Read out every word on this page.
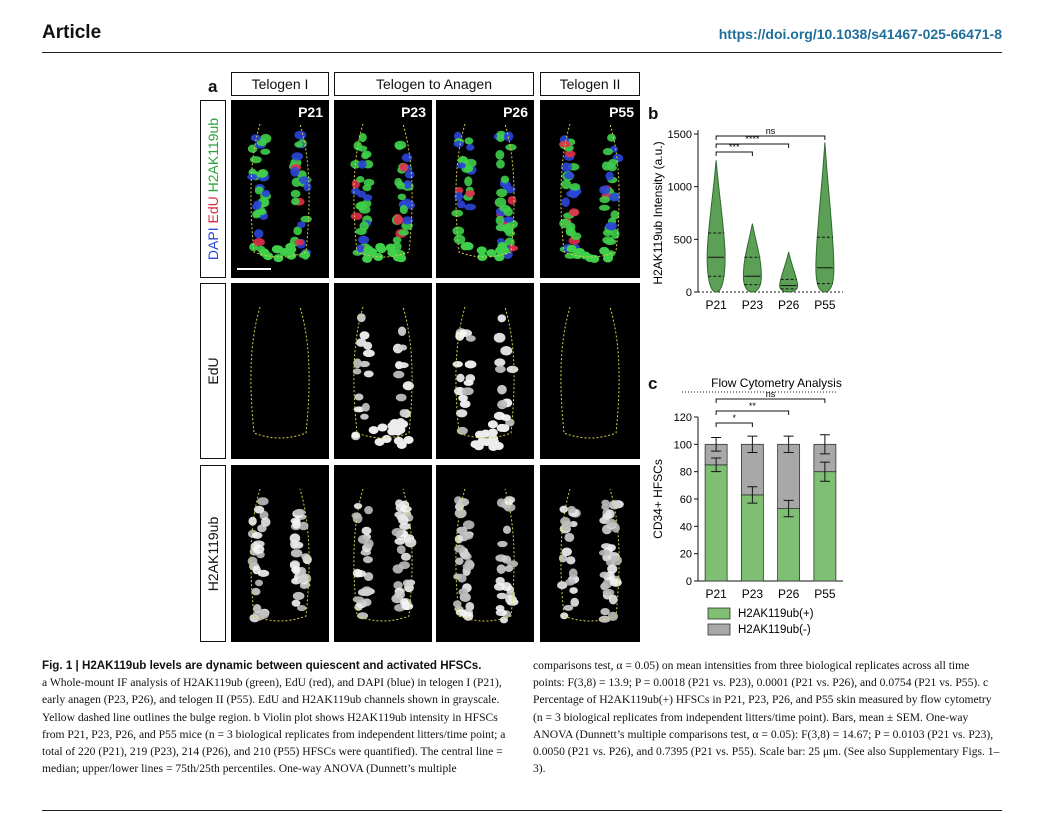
Article	https://doi.org/10.1038/s41467-025-66471-8
a	Telogen I	Telogen to Anagen	Telogen II
DAPI EdU H2AK119ub
EdU
H2AK119ub
P21	P23	P26	P55 b
0
500
1000
1500
H2AK119ub Intensity (a.u.)
P21 P23 P26 P55
***
****
ns
c	Flow Cytometry Analysis
0
20
40
60
80
100
120
CD34+ HFSCs
P21 P23 P26 P55
*
**
ns
H2AK119ub(+)
H2AK119ub(-)
Fig. 1 | H2AK119ub levels are dynamic between quiescent and activated HFSCs.
a Whole-mount IF analysis of H2AK119ub (green), EdU (red), and DAPI (blue) in telogen I (P21), early anagen (P23, P26), and telogen II (P55). EdU and H2AK119ub channels shown in grayscale. Yellow dashed line outlines the bulge region. b Violin plot shows H2AK119ub intensity in HFSCs from P21, P23, P26, and P55 mice (n = 3 biological replicates from independent litters/time point; a total of 220 (P21), 219 (P23), 214 (P26), and 210 (P55) HFSCs were quantified). The central line = median; upper/lower lines = 75th/25th percentiles. One-way ANOVA (Dunnett’s multiple
comparisons test, α = 0.05) on mean intensities from three biological replicates across all time points: F(3,8) = 13.9; P = 0.0018 (P21 vs. P23), 0.0001 (P21 vs. P26), and 0.0754 (P21 vs. P55). c Percentage of H2AK119ub(+) HFSCs in P21, P23, P26, and P55 skin measured by flow cytometry (n = 3 biological replicates from independent litters/time point). Bars, mean ± SEM. One-way ANOVA (Dunnett’s multiple comparisons test, α = 0.05): F(3,8) = 14.67; P = 0.0103 (P21 vs. P23), 0.0050 (P21 vs. P26), and 0.7395 (P21 vs. P55). Scale bar: 25 μm. (See also Supplementary Figs. 1–3).
